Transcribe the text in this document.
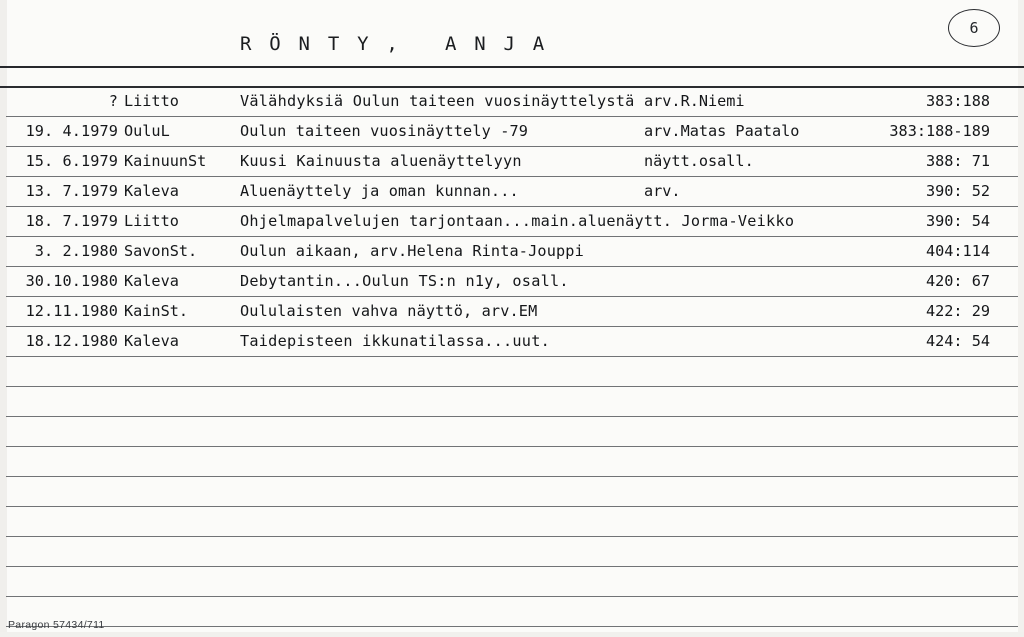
R Ö N T Y ,   A N J A
6
? Liitto	Välähdyksiä Oulun taiteen vuosinäyttelystä arv.R.Niemi	383:188
19. 4.1979 OuluL	Oulun taiteen vuosinäyttely -79	arv.Matas Paatalo	383:188-189
15. 6.1979 KainuunSt	Kuusi Kainuusta aluenäyttelyyn	näytt.osall.	388: 71
13. 7.1979 Kaleva	Aluenäyttely ja oman kunnan...	arv.	390: 52
18. 7.1979 Liitto	Ohjelmapalvelujen tarjontaan...main.aluenäytt. Jorma-Veikko	390: 54
3. 2.1980 SavonSt.	Oulun aikaan, arv.Helena Rinta-Jouppi	404:114
30.10.1980 Kaleva	Debytantin...Oulun TS:n n1y, osall.	420: 67
12.11.1980 KainSt.	Oululaisten vahva näyttö, arv.EM	422: 29
18.12.1980 Kaleva	Taidepisteen ikkunatilassa...uut.	424: 54
Paragon 57434/711
